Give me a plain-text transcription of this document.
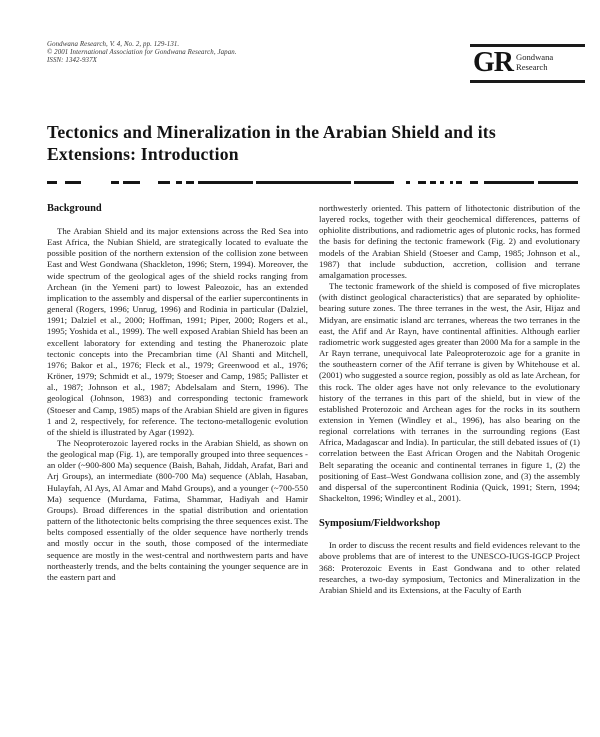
Gondwana Research, V. 4, No. 2, pp. 129-131.
© 2001 International Association for Gondwana Research, Japan.
ISSN: 1342-937X	GR Gondwana
Research
Tectonics and Mineralization in the Arabian Shield and its Extensions: Introduction
Background

The Arabian Shield and its major extensions across the Red Sea into East Africa, the Nubian Shield, are strategically located to evaluate the possible position of the northern extension of the collision zone between East and West Gondwana (Shackleton, 1996; Stern, 1994). Moreover, the wide spectrum of the geological ages of the shield rocks ranging from Archean (in the Yemeni part) to lowest Paleozoic, has an extended implication to the assembly and dispersal of the earlier supercontinents in general (Rogers, 1996; Unrug, 1996) and Rodinia in particular (Dalziel, 1991; Dalziel et al., 2000; Hoffman, 1991; Piper, 2000; Rogers et al., 1995; Yoshida et al., 1999). The well exposed Arabian Shield has been an excellent laboratory for extending and testing the Phanerozoic plate tectonic concepts into the Precambrian time (Al Shanti and Mitchell, 1976; Bakor et al., 1976; Fleck et al., 1979; Greenwood et al., 1976; Kröner, 1979; Schmidt et al., 1979; Stoeser and Camp, 1985; Pallister et al., 1987; Johnson et al., 1987; Abdelsalam and Stern, 1996). The geological (Johnson, 1983) and corresponding tectonic framework (Stoeser and Camp, 1985) maps of the Arabian Shield are given in figures 1 and 2, respectively, for reference. The tectono-metallogenic evolution of the shield is illustrated by Agar (1992).

The Neoproterozoic layered rocks in the Arabian Shield, as shown on the geological map (Fig. 1), are temporally grouped into three sequences - an older (~900-800 Ma) sequence (Baish, Bahah, Jiddah, Arafat, Bari and Arj Groups), an intermediate (800-700 Ma) sequence (Ablah, Hasaban, Hulayfah, Al Ays, Al Amar and Mahd Groups), and a younger (~700-550 Ma) sequence (Murdama, Fatima, Shammar, Hadiyah and Hamir Groups). Broad differences in the spatial distribution and orientation pattern of the lithotectonic belts comprising the three sequences exist. The belts composed essentially of the older sequence have northerly trends and mostly occur in the south, those composed of the intermediate sequence are mostly in the west-central and northwestern parts and have northeasterly trends, and the belts containing the younger sequence are in the eastern part and

northwesterly oriented. This pattern of lithotectonic distribution of the layered rocks, together with their geochemical differences, patterns of ophiolite distributions, and radiometric ages of plutonic rocks, has formed the basis for defining the tectonic framework (Fig. 2) and evolutionary models of the Arabian Shield (Stoeser and Camp, 1985; Johnson et al., 1987) that include subduction, accretion, collision and terrane amalgamation processes.

The tectonic framework of the shield is composed of five microplates (with distinct geological characteristics) that are separated by ophiolite-bearing suture zones. The three terranes in the west, the Asir, Hijaz and Midyan, are ensimatic island arc terranes, whereas the two terranes in the east, the Afif and Ar Rayn, have continental affinities. Although earlier radiometric work suggested ages greater than 2000 Ma for a sample in the Ar Rayn terrane, unequivocal late Paleoproterozoic age for a granite in the southeastern corner of the Afif terrane is given by Whitehouse et al. (2001) who suggested a source region, possibly as old as late Archean, for this rock. The older ages have not only relevance to the evolutionary history of the terranes in this part of the shield, but in view of the established Proterozoic and Archean ages for the rocks in its southern extension in Yemen (Windley et al., 1996), has also bearing on the regional correlations with terranes in the surrounding regions (East Africa, Madagascar and India). In particular, the still debated issues of (1) correlation between the East African Orogen and the Nabitah Orogenic Belt separating the oceanic and continental terranes in figure 1, (2) the positioning of East–West Gondwana collision zone, and (3) the assembly and dispersal of the supercontinent Rodinia (Quick, 1991; Stern, 1994; Shackelton, 1996; Windley et al., 2001).

Symposium/Fieldworkshop

In order to discuss the recent results and field evidences relevant to the above problems that are of interest to the UNESCO-IUGS-IGCP Project 368: Proterozoic Events in East Gondwana and to other related researches, a two-day symposium, Tectonics and Mineralization in the Arabian Shield and its Extensions, at the Faculty of Earth
